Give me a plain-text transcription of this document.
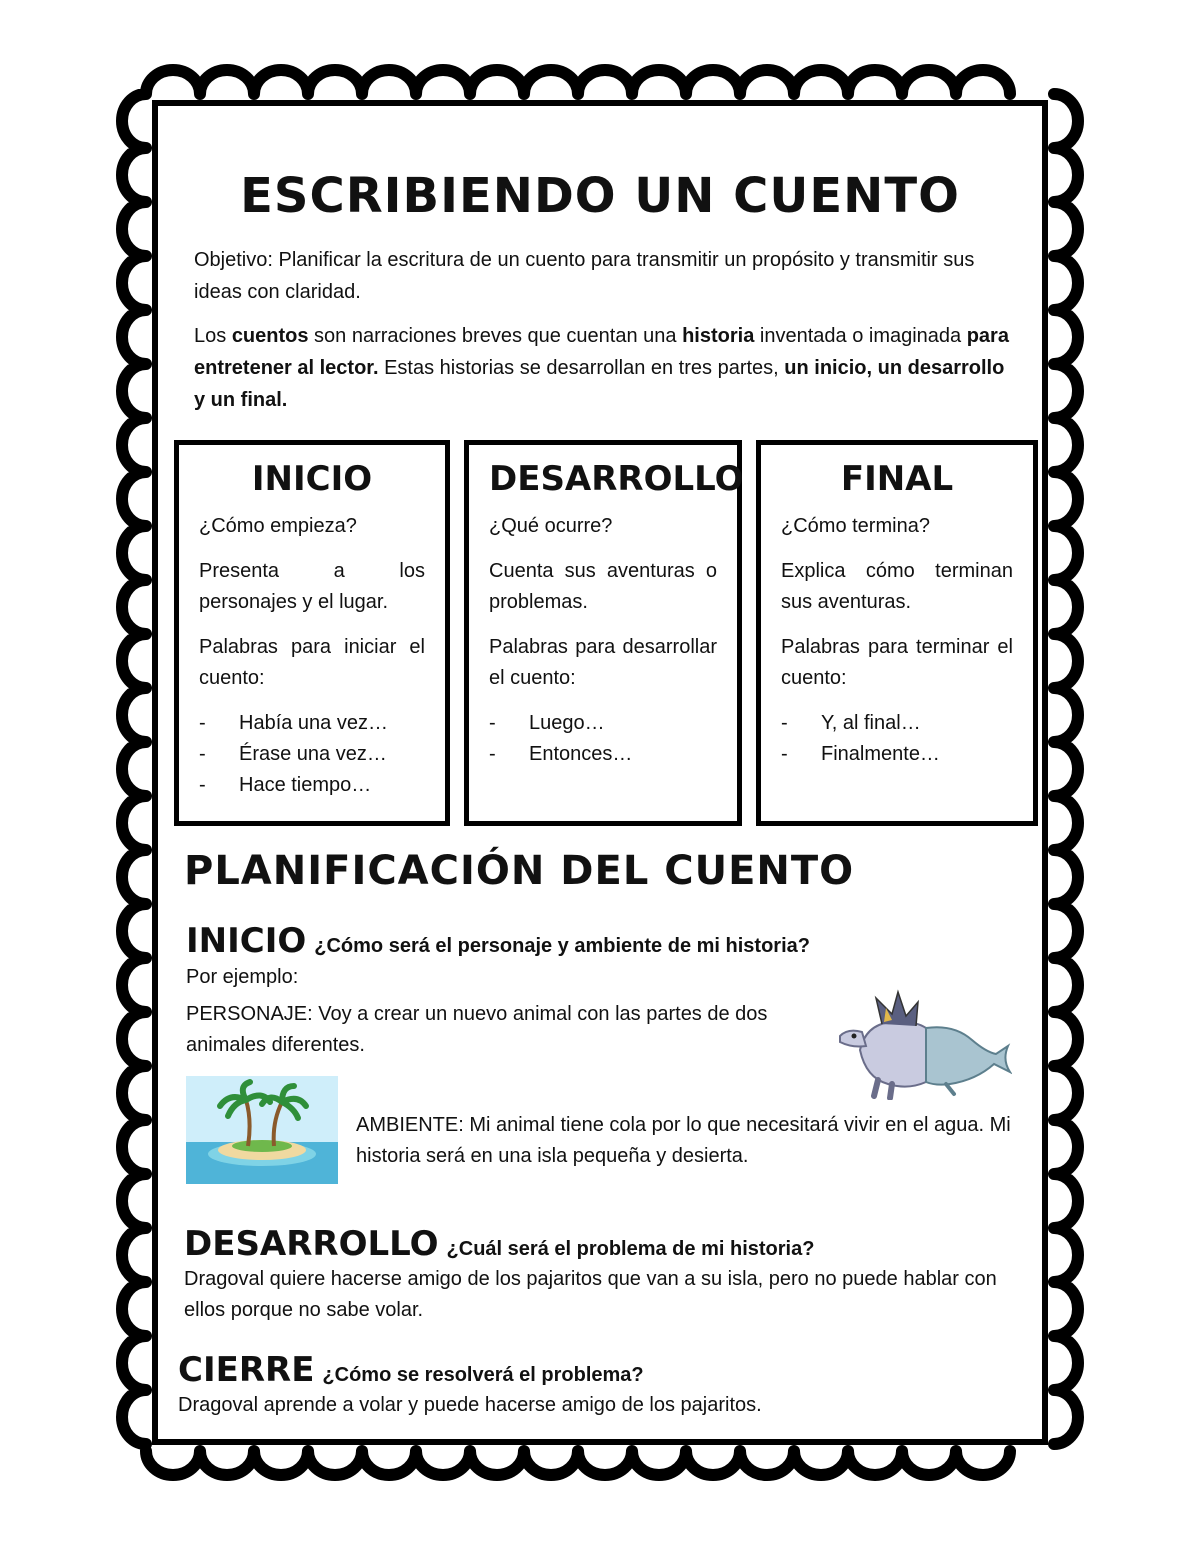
ESCRIBIENDO UN CUENTO

Objetivo: Planificar la escritura de un cuento para transmitir un propósito y transmitir sus ideas con claridad.

Los cuentos son narraciones breves que cuentan una historia inventada o imaginada para entretener al lector. Estas historias se desarrollan en tres partes, un inicio, un desarrollo y un final.

INICIO

¿Cómo empieza?

Presenta a los personajes y el lugar.

Palabras para iniciar el cuento:

- Había una vez…
- Érase una vez…
- Hace tiempo…
DESARROLLO

¿Qué ocurre?

Cuenta sus aventuras o problemas.

Palabras para desarrollar el cuento:

- Luego…
- Entonces…
FINAL

¿Cómo termina?

Explica cómo terminan sus aventuras.

Palabras para terminar el cuento:

- Y, al final…
- Finalmente…
PLANIFICACIÓN DEL CUENTO
INICIO ¿Cómo será el personaje y ambiente de mi historia?

Por ejemplo:

PERSONAJE: Voy a crear un nuevo animal con las partes de dos animales diferentes.

AMBIENTE: Mi animal tiene cola por lo que necesitará vivir en el agua. Mi historia será en una isla pequeña y desierta.

DESARROLLO ¿Cuál será el problema de mi historia?

Dragoval quiere hacerse amigo de los pajaritos que van a su isla, pero no puede hablar con ellos porque no sabe volar.

CIERRE ¿Cómo se resolverá el problema?

Dragoval aprende a volar y puede hacerse amigo de los pajaritos.
